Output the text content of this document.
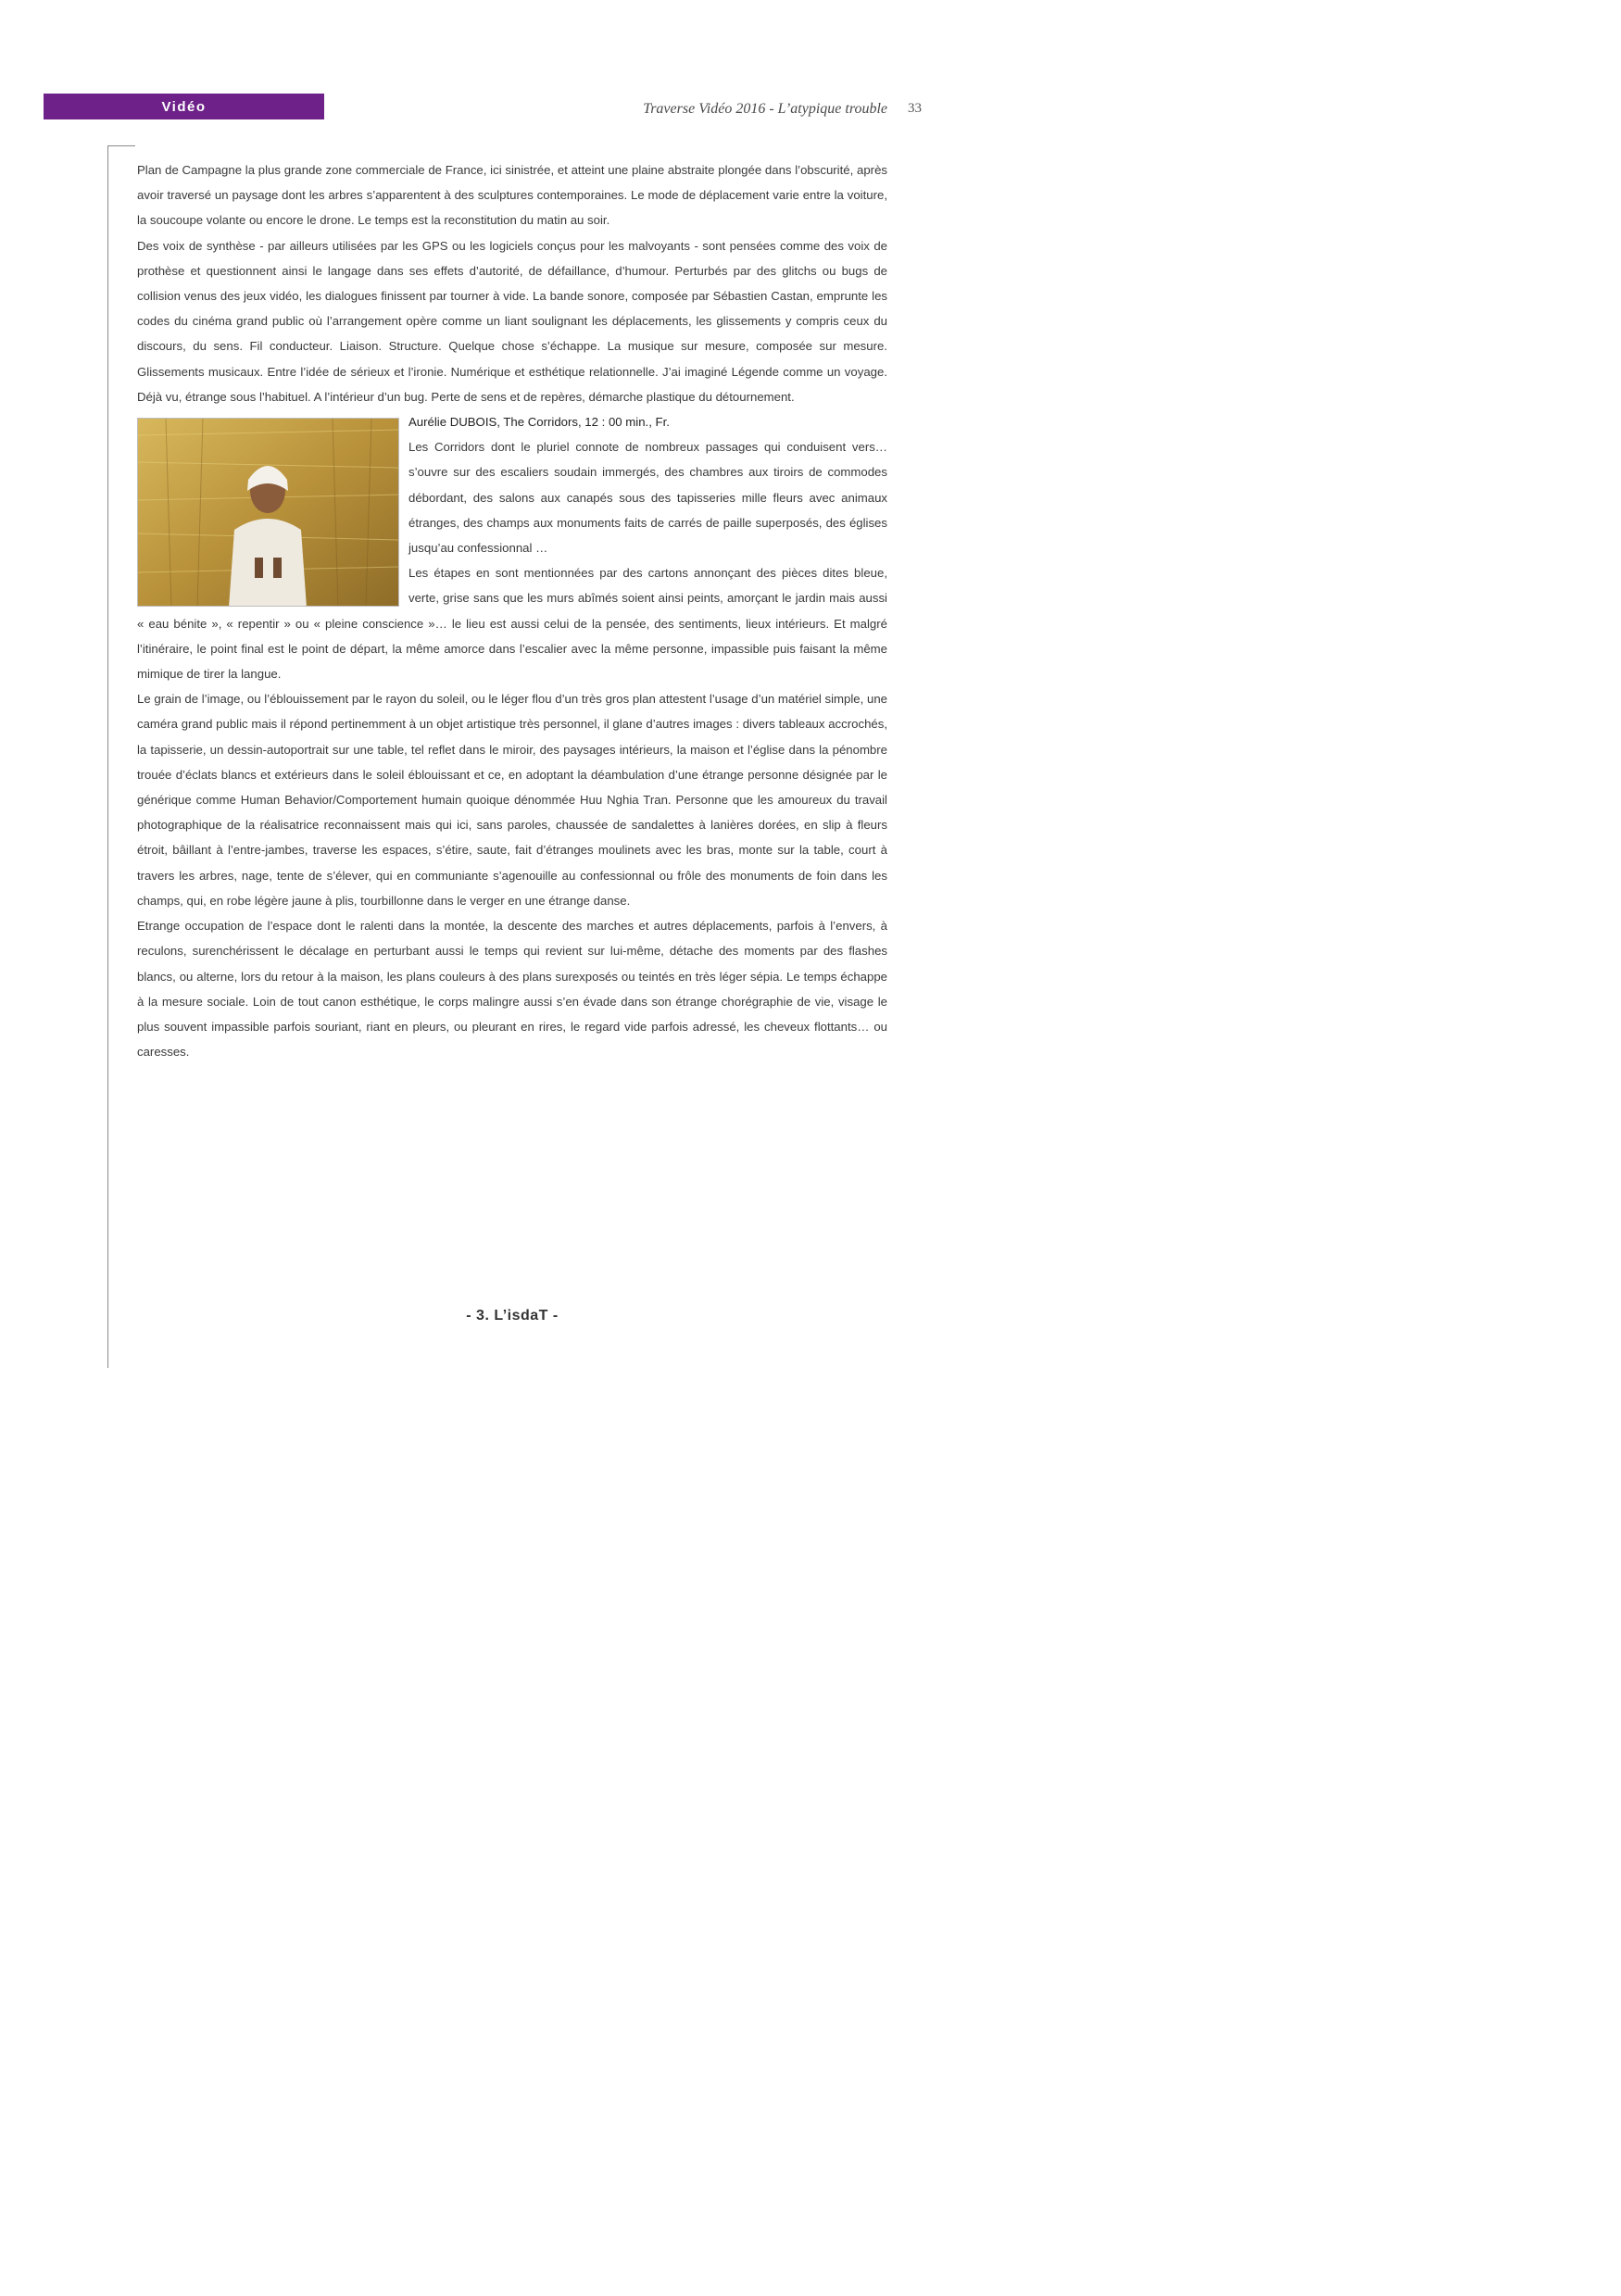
Vidéo	Traverse Vidéo 2016 - L’atypique trouble 33

Plan de Campagne la plus grande zone commerciale de France, ici sinistrée, et atteint une plaine abstraite plongée dans l’obscurité, après avoir traversé un paysage dont les arbres s’apparentent à des sculptures contemporaines. Le mode de déplacement varie entre la voiture, la soucoupe volante ou encore le drone. Le temps est la reconstitution du matin au soir.

Des voix de synthèse - par ailleurs utilisées par les GPS ou les logiciels conçus pour les malvoyants - sont pensées comme des voix de prothèse et questionnent ainsi le langage dans ses effets d’autorité, de défaillance, d’humour. Perturbés par des glitchs ou bugs de collision venus des jeux vidéo, les dialogues finissent par tourner à vide. La bande sonore, composée par Sébastien Castan, emprunte les codes du cinéma grand public où l’arrangement opère comme un liant soulignant les déplacements, les glissements y compris ceux du discours, du sens. Fil conducteur. Liaison. Structure. Quelque chose s’échappe. La musique sur mesure, composée sur mesure. Glissements musicaux. Entre l’idée de sérieux et l’ironie. Numérique et esthétique relationnelle. J’ai imaginé Légende comme un voyage. Déjà vu, étrange sous l’habituel. A l’intérieur d’un bug. Perte de sens et de repères, démarche plastique du détournement.

Aurélie DUBOIS, The Corridors, 12 : 00 min., Fr.

Les Corridors dont le pluriel connote de nombreux passages qui conduisent vers… s’ouvre sur des escaliers soudain immergés, des chambres aux tiroirs de commodes débordant, des salons aux canapés sous des tapisseries mille fleurs avec animaux étranges, des champs aux monuments faits de carrés de paille superposés, des églises jusqu’au confessionnal …

Les étapes en sont mentionnées par des cartons annonçant des pièces dites bleue, verte, grise sans que les murs abîmés soient ainsi peints, amorçant le jardin mais aussi « eau bénite », « repentir » ou « pleine conscience »… le lieu est aussi celui de la pensée, des sentiments, lieux intérieurs. Et malgré l’itinéraire, le point final est le point de départ, la même amorce dans l’escalier avec la même personne, impassible puis faisant la même mimique de tirer la langue.

Le grain de l’image, ou l’éblouissement par le rayon du soleil, ou le léger flou d’un très gros plan attestent l’usage d’un matériel simple, une caméra grand public mais il répond pertinemment à un objet artistique très personnel, il glane d’autres images : divers tableaux accrochés, la tapisserie, un dessin-autoportrait sur une table, tel reflet dans le miroir, des paysages intérieurs, la maison et l’église dans la pénombre trouée d’éclats blancs et extérieurs dans le soleil éblouissant et ce, en adoptant la déambulation d’une étrange personne désignée par le générique comme Human Behavior/Comportement humain quoique dénommée Huu Nghia Tran. Personne que les amoureux du travail photographique de la réalisatrice reconnaissent mais qui ici, sans paroles, chaussée de sandalettes à lanières dorées, en slip à fleurs étroit, bâillant à l’entre-jambes, traverse les espaces, s’étire, saute, fait d’étranges moulinets avec les bras, monte sur la table, court à travers les arbres, nage, tente de s’élever, qui en communiante s’agenouille au confessionnal ou frôle des monuments de foin dans les champs, qui, en robe légère jaune à plis, tourbillonne dans le verger en une étrange danse.

Etrange occupation de l’espace dont le ralenti dans la montée, la descente des marches et autres déplacements, parfois à l’envers, à reculons, surenchérissent le décalage en perturbant aussi le temps qui revient sur lui-même, détache des moments par des flashes blancs, ou alterne, lors du retour à la maison, les plans couleurs à des plans surexposés ou teintés en très léger sépia. Le temps échappe à la mesure sociale. Loin de tout canon esthétique, le corps malingre aussi s’en évade dans son étrange chorégraphie de vie, visage le plus souvent impassible parfois souriant, riant en pleurs, ou pleurant en rires, le regard vide parfois adressé, les cheveux flottants… ou caresses.

- 3. L’isdaT -
